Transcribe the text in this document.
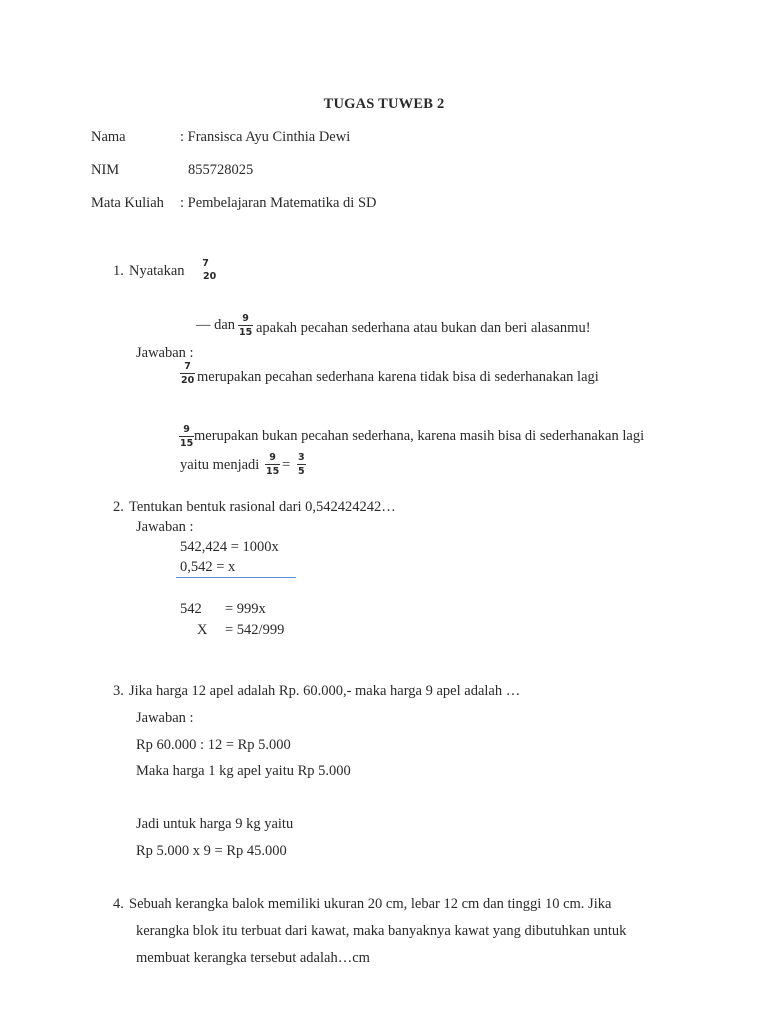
TUGAS TUWEB 2
Nama	: Fransisca Ayu Cinthia Dewi
NIM	855728025
Mata Kuliah : Pembelajaran Matematika di SD
1. Nyatakan 7
20
— dan 9
15 apakah pecahan sederhana atau bukan dan beri alasanmu!
Jawaban :
7
20 merupakan pecahan sederhana karena tidak bisa di sederhanakan lagi
9
15 merupakan bukan pecahan sederhana, karena masih bisa di sederhanakan lagi
yaitu menjadi 9
15 = 3
5
2. Tentukan bentuk rasional dari 0,542424242…
Jawaban :
542,424 = 1000x
0,542 = x
542 = 999x
X = 542/999
3. Jika harga 12 apel adalah Rp. 60.000,- maka harga 9 apel adalah …
Jawaban :
Rp 60.000 : 12 = Rp 5.000
Maka harga 1 kg apel yaitu Rp 5.000
Jadi untuk harga 9 kg yaitu
Rp 5.000 x 9 = Rp 45.000
4. Sebuah kerangka balok memiliki ukuran 20 cm, lebar 12 cm dan tinggi 10 cm. Jika
kerangka blok itu terbuat dari kawat, maka banyaknya kawat yang dibutuhkan untuk
membuat kerangka tersebut adalah…cm
